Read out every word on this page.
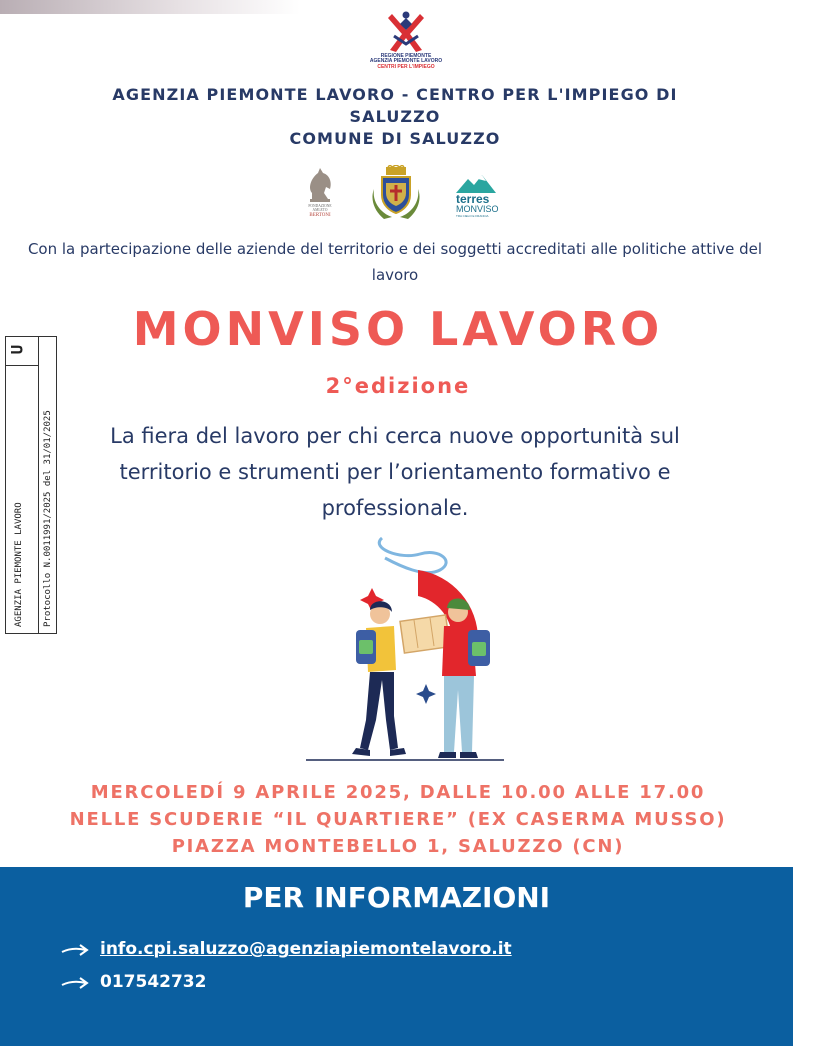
REGIONE PIEMONTE
AGENZIA PIEMONTE LAVORO
CENTRI PER L'IMPIEGO
AGENZIA PIEMONTE LAVORO - CENTRO PER L'IMPIEGO DI
SALUZZO
COMUNE DI SALUZZO
FONDAZIONE
AMLETO
BERTONI
terres
MONVISO
TRA CIELO E FRANCIA
Con la partecipazione delle aziende del territorio e dei soggetti accreditati alle politiche attive del lavoro
U
AGENZIA PIEMONTE LAVORO Protocollo N.0011991/2025 del 31/01/2025
MONVISO LAVORO
2°edizione
La fiera del lavoro per chi cerca nuove opportunità sul territorio e strumenti per l’orientamento formativo e professionale.
MERCOLEDÍ 9 APRILE 2025, DALLE 10.00 ALLE 17.00
NELLE SCUDERIE “IL QUARTIERE” (EX CASERMA MUSSO)
PIAZZA MONTEBELLO 1, SALUZZO (CN)
PER INFORMAZIONI
info.cpi.saluzzo@agenziapiemontelavoro.it
017542732
